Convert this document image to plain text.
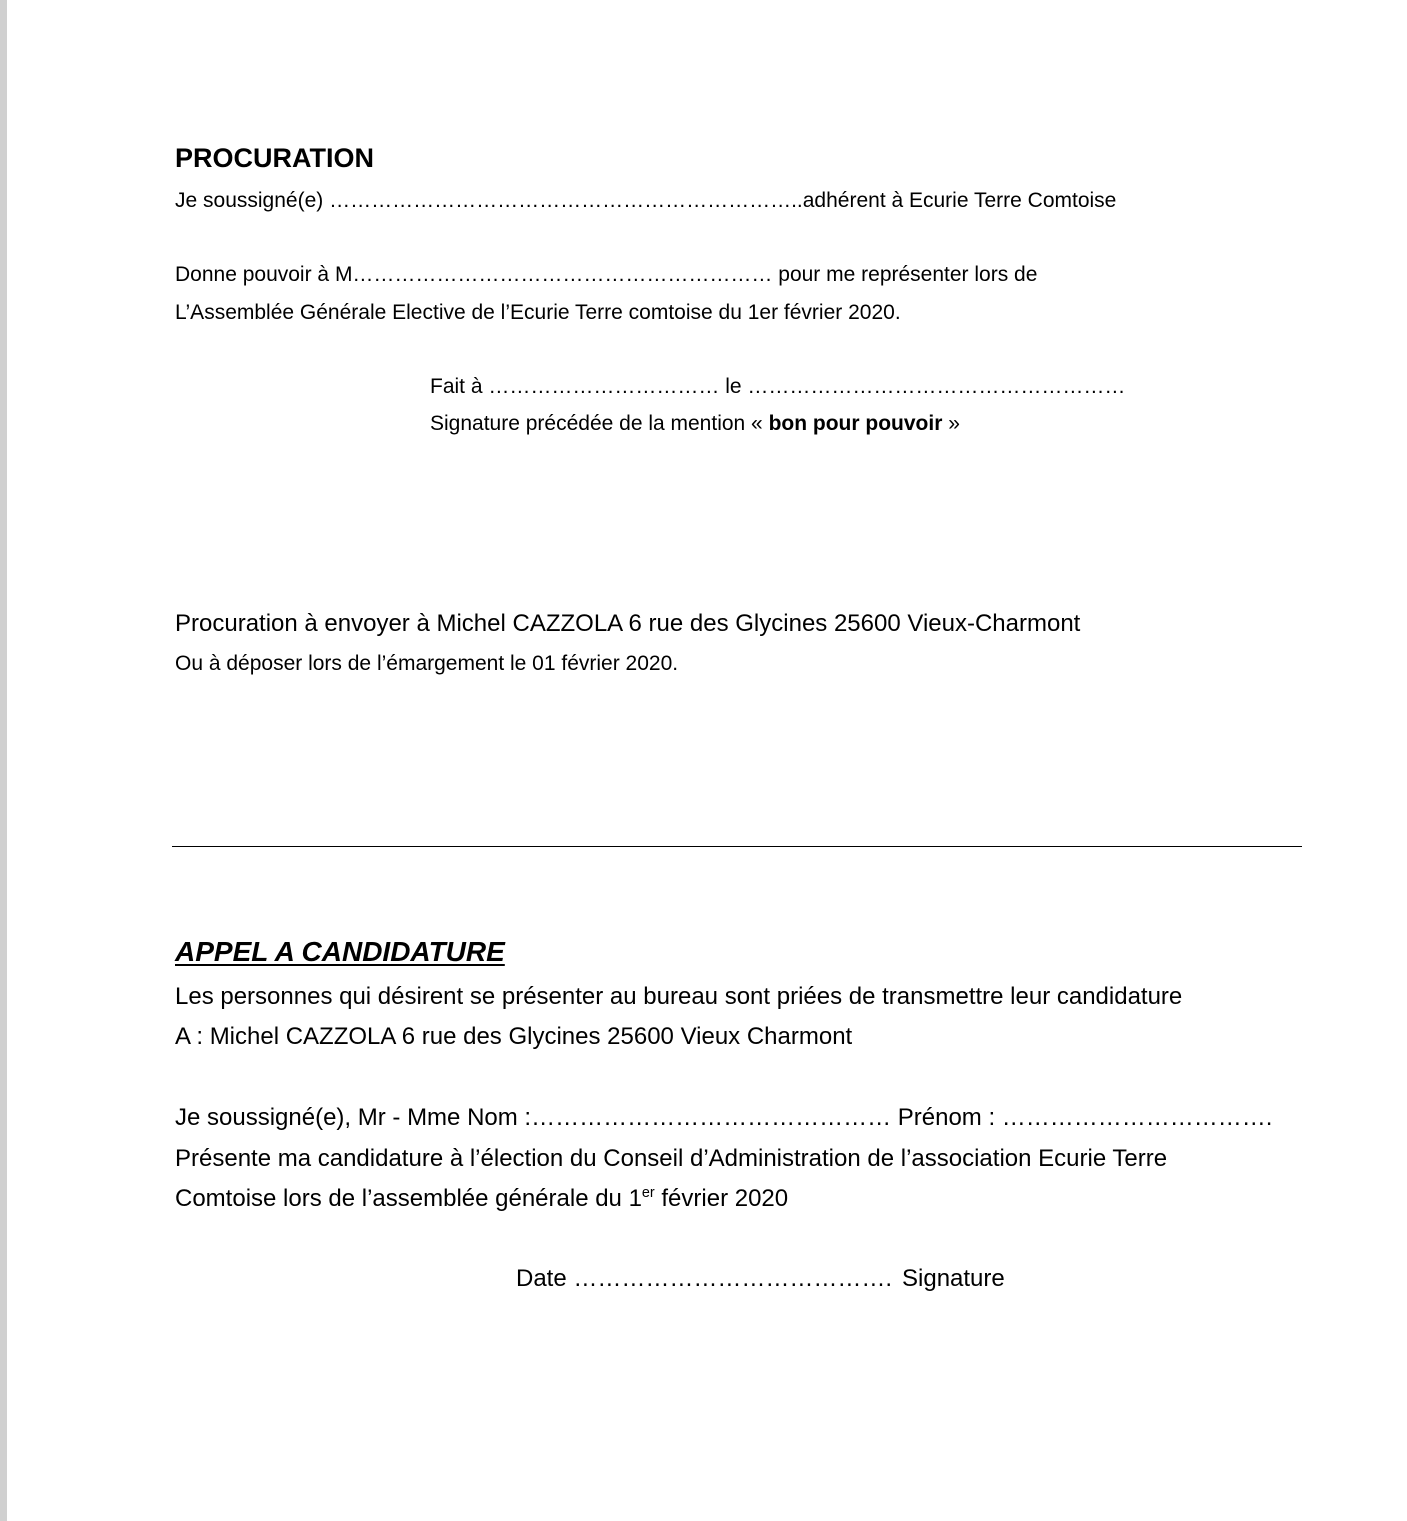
PROCURATION
Je soussigné(e) …………………………………………………………..adhérent à Ecurie Terre Comtoise
Donne pouvoir à M…………………………………………………… pour me représenter lors de
L’Assemblée Générale Elective de l’Ecurie Terre comtoise du 1er février 2020.
Fait à …………………………… le ………………………………………………
Signature précédée de la mention « bon pour pouvoir »
Procuration à envoyer à Michel CAZZOLA 6 rue des Glycines 25600 Vieux-Charmont
Ou à déposer lors de l’émargement le 01 février 2020.
APPEL A CANDIDATURE
Les personnes qui désirent se présenter au bureau sont priées de transmettre leur candidature
A : Michel CAZZOLA 6 rue des Glycines 25600 Vieux Charmont
Je soussigné(e), Mr - Mme Nom :……………………………………… Prénom : …………………………….
Présente ma candidature à l’élection du Conseil d’Administration de l’association Ecurie Terre
Comtoise lors de l’assemblée générale du 1er février 2020
Date …………………………………. Signature
